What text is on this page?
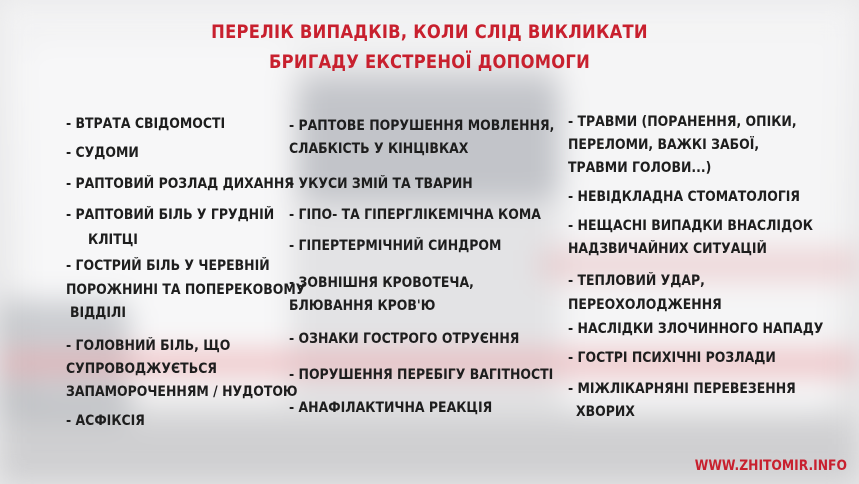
ПЕРЕЛІК ВИПАДКІВ, КОЛИ СЛІД ВИКЛИКАТИ
БРИГАДУ ЕКСТРЕНОЇ ДОПОМОГИ
- ВТРАТА СВІДОМОСТІ
- СУДОМИ
- РАПТОВИЙ РОЗЛАД ДИХАННЯ
- РАПТОВИЙ БІЛЬ У ГРУДНІЙ
КЛІТЦІ
- ГОСТРИЙ БІЛЬ У ЧЕРЕВНІЙ
ПОРОЖНИНІ ТА ПОПЕРЕКОВОМУ
ВІДДІЛІ
- ГОЛОВНИЙ БІЛЬ, ЩО
СУПРОВОДЖУЄТЬСЯ
ЗАПАМОРОЧЕННЯМ / НУДОТОЮ
- АСФІКСІЯ
- РАПТОВЕ ПОРУШЕННЯ МОВЛЕННЯ,
СЛАБКІСТЬ У КІНЦІВКАХ
- УКУСИ ЗМІЙ ТА ТВАРИН
- ГІПО- ТА ГІПЕРГЛІКЕМІЧНА КОМА
- ГІПЕРТЕРМІЧНИЙ СИНДРОМ
- ЗОВНІШНЯ КРОВОТЕЧА,
БЛЮВАННЯ КРОВ'Ю
- ОЗНАКИ ГОСТРОГО ОТРУЄННЯ
- ПОРУШЕННЯ ПЕРЕБІГУ ВАГІТНОСТІ
- АНАФІЛАКТИЧНА РЕАКЦІЯ
- ТРАВМИ (ПОРАНЕННЯ, ОПІКИ,
ПЕРЕЛОМИ, ВАЖКІ ЗАБОЇ,
ТРАВМИ ГОЛОВИ...)
- НЕВІДКЛАДНА СТОМАТОЛОГІЯ
- НЕЩАСНІ ВИПАДКИ ВНАСЛІДОК
НАДЗВИЧАЙНИХ СИТУАЦІЙ
- ТЕПЛОВИЙ УДАР,
ПЕРЕОХОЛОДЖЕННЯ
- НАСЛІДКИ ЗЛОЧИННОГО НАПАДУ
- ГОСТРІ ПСИХІЧНІ РОЗЛАДИ
- МІЖЛІКАРНЯНІ ПЕРЕВЕЗЕННЯ
ХВОРИХ
WWW.ZHITOMIR.INFO
